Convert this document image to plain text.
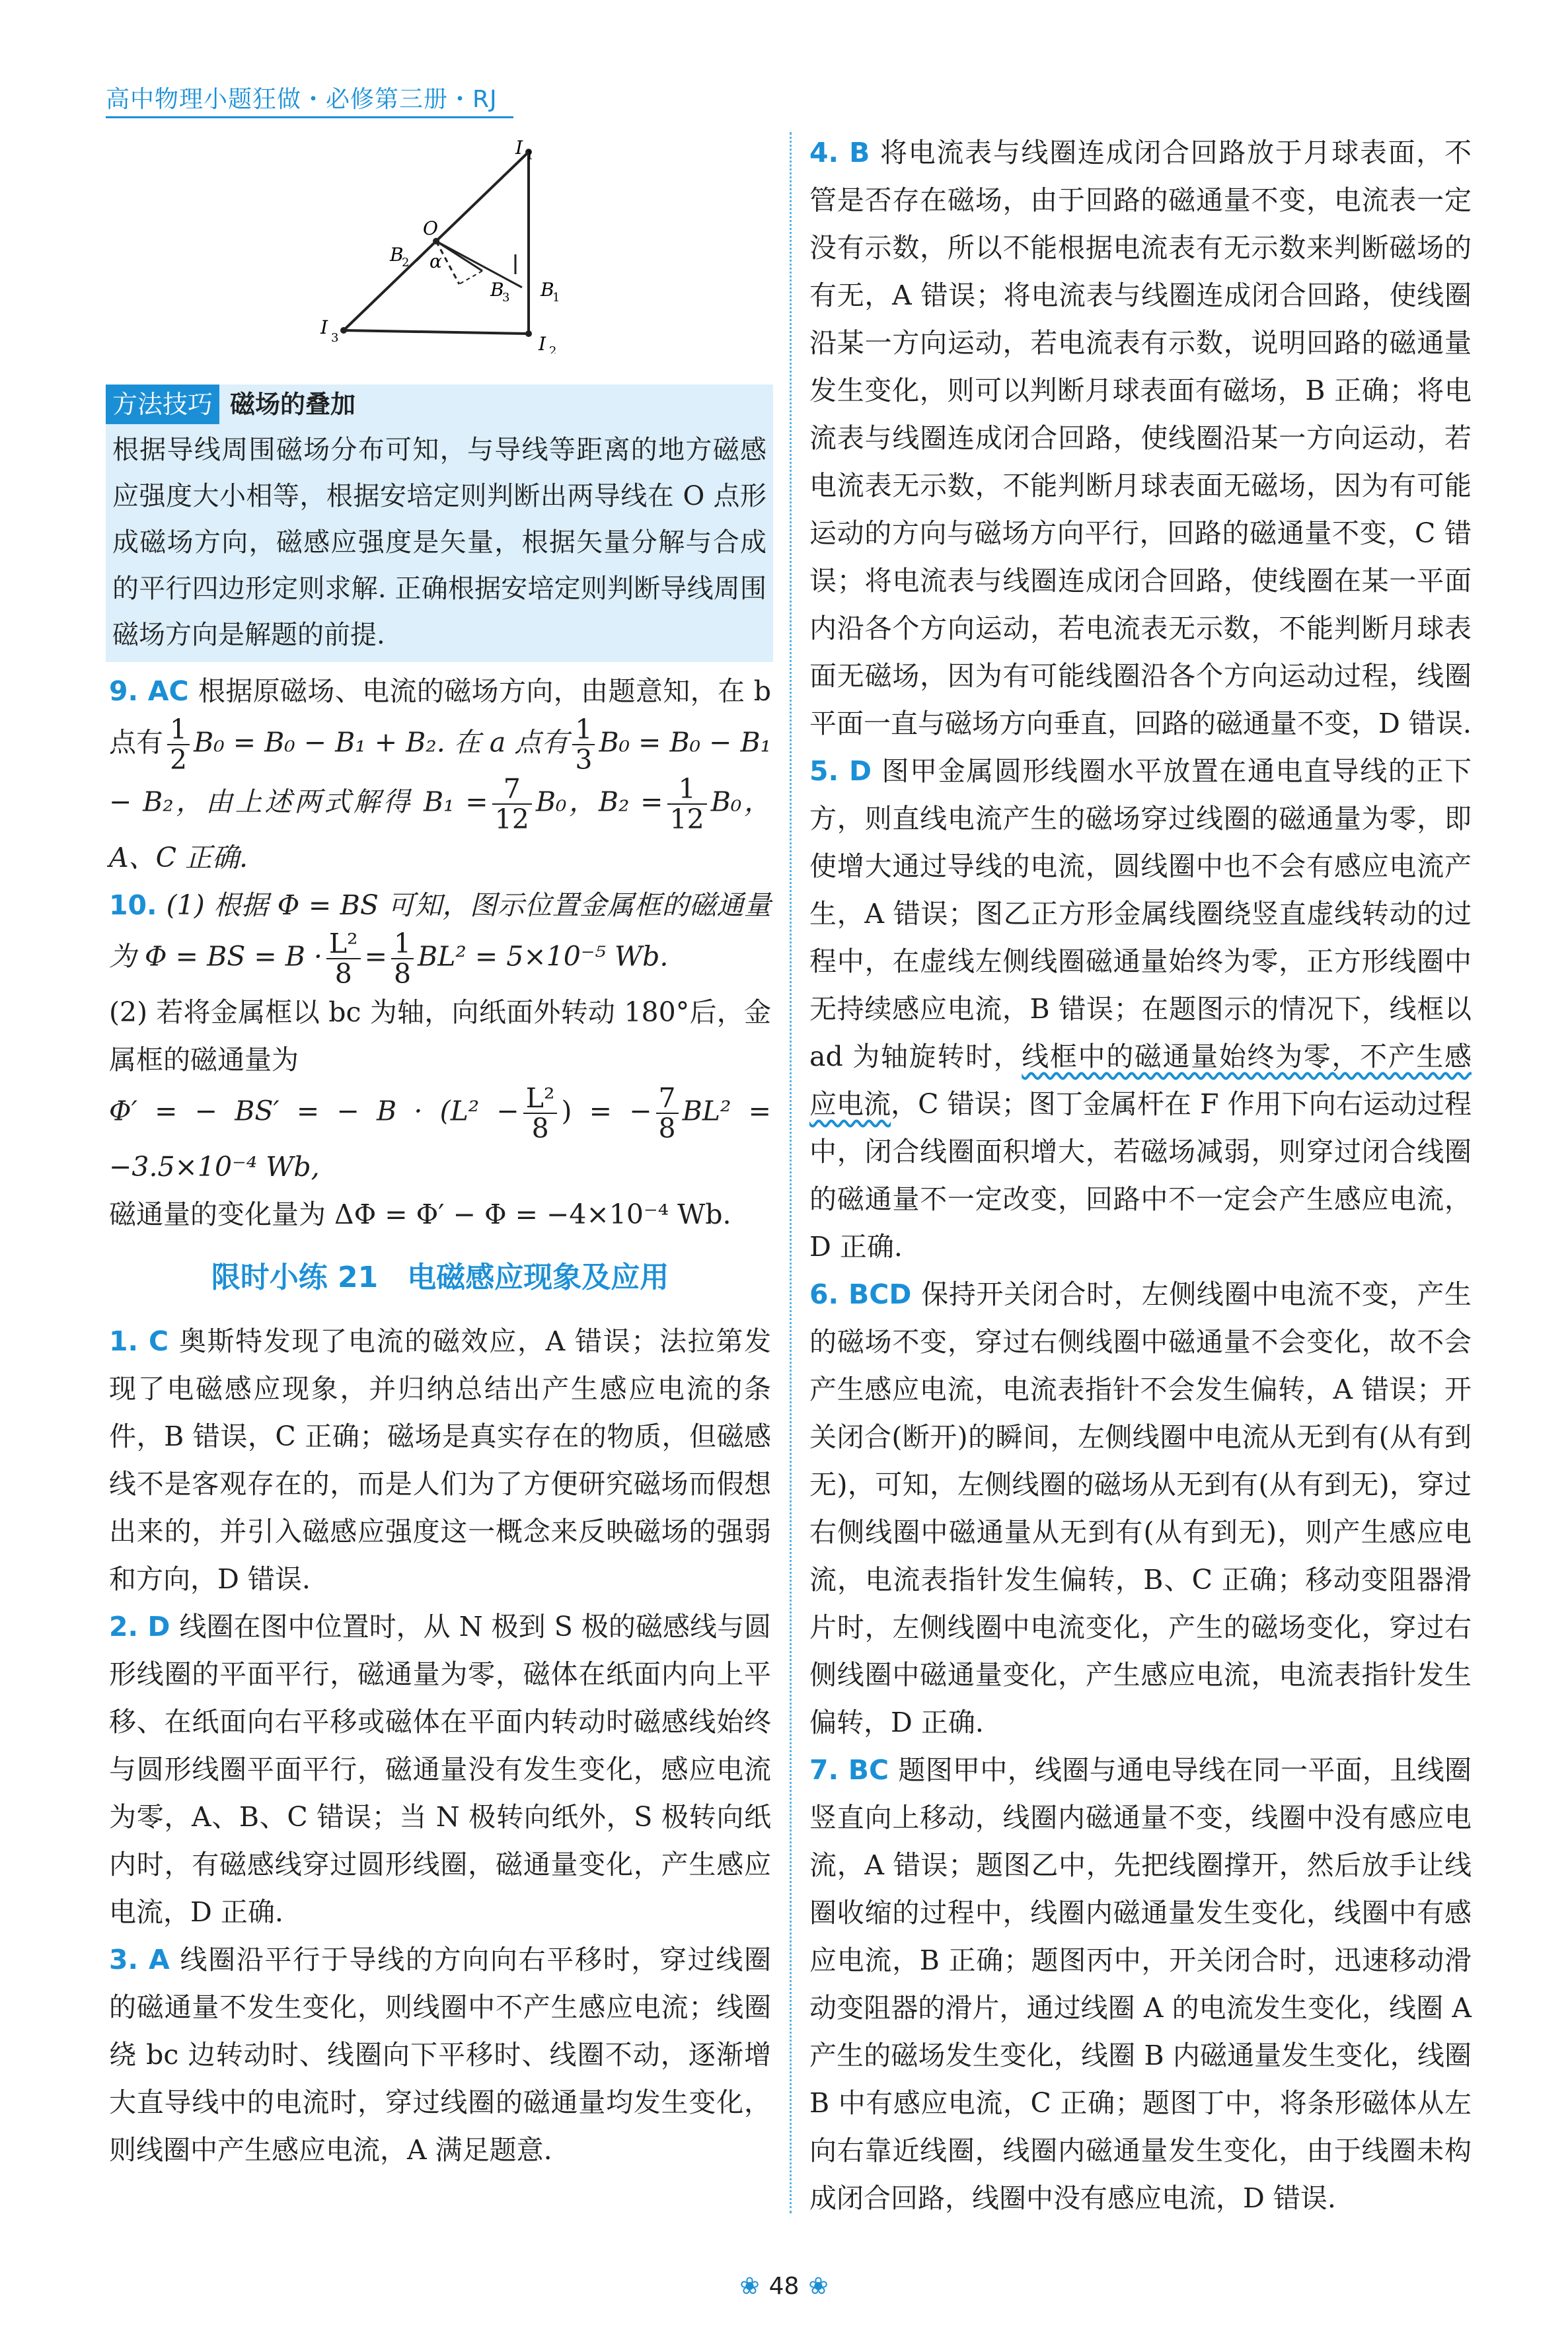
高中物理小题狂做・必修第三册・RJ
I 1
I 2
I 3
O
α
B
1
B
2
B
3
方法技巧 磁场的叠加
根据导线周围磁场分布可知，与导线等距离的地方磁感应强度大小相等，根据安培定则判断出两导线在 O 点形成磁场方向，磁感应强度是矢量，根据矢量分解与合成的平行四边形定则求解. 正确根据安培定则判断导线周围磁场方向是解题的前提.

9. AC 根据原磁场、电流的磁场方向，由题意知，在 b 点有 $\frac{1}{2} B_0 = B_0 - B_1 + B_2$. 在 a 点有 $\frac{1}{3} B_0 = B_0 - B_1 - B_2$，由上述两式解得 $B_1 = \frac{7}{12} B_0$，$B_2 = \frac{1}{12} B_0$，A、C 正确.

10. (1) 根据 Φ = BS 可知，图示位置金属框的磁通量为 Φ = BS = $B \cdot \frac{\text{L²}}{8} = \frac{1}{8} BL^2 = 5\times 10^{-5}$ Wb.

(2) 若将金属框以 bc 为轴，向纸面外转动 180°后，金属框的磁通量为

Φ′ = − BS′ = − $B \cdot (L^2 - \frac{\text{L²}}{8}$ ) = − $\frac{7}{8} BL^2 = -3.5\times 10^{-4}$ Wb,

磁通量的变化量为 ΔΦ = Φ′ − Φ = −4×10⁻⁴ Wb.

限时小练 21　电磁感应现象及应用

1. C 奥斯特发现了电流的磁效应，A 错误；法拉第发现了电磁感应现象，并归纳总结出产生感应电流的条件，B 错误，C 正确；磁场是真实存在的物质，但磁感线不是客观存在的，而是人们为了方便研究磁场而假想出来的，并引入磁感应强度这一概念来反映磁场的强弱和方向，D 错误.

2. D 线圈在图中位置时，从 N 极到 S 极的磁感线与圆形线圈的平面平行，磁通量为零，磁体在纸面内向上平移、在纸面向右平移或磁体在平面内转动时磁感线始终与圆形线圈平面平行，磁通量没有发生变化，感应电流为零，A、B、C 错误；当 N 极转向纸外，S 极转向纸内时，有磁感线穿过圆形线圈，磁通量变化，产生感应电流，D 正确.

3. A 线圈沿平行于导线的方向向右平移时，穿过线圈的磁通量不发生变化，则线圈中不产生感应电流；线圈绕 bc 边转动时、线圈向下平移时、线圈不动，逐渐增大直导线中的电流时，穿过线圈的磁通量均发生变化，则线圈中产生感应电流，A 满足题意.

4. B 将电流表与线圈连成闭合回路放于月球表面，不管是否存在磁场，由于回路的磁通量不变，电流表一定没有示数，所以不能根据电流表有无示数来判断磁场的有无，A 错误；将电流表与线圈连成闭合回路，使线圈沿某一方向运动，若电流表有示数，说明回路的磁通量发生变化，则可以判断月球表面有磁场，B 正确；将电流表与线圈连成闭合回路，使线圈沿某一方向运动，若电流表无示数，不能判断月球表面无磁场，因为有可能运动的方向与磁场方向平行，回路的磁通量不变，C 错误；将电流表与线圈连成闭合回路，使线圈在某一平面内沿各个方向运动，若电流表无示数，不能判断月球表面无磁场，因为有可能线圈沿各个方向运动过程，线圈平面一直与磁场方向垂直，回路的磁通量不变，D 错误.

5. D 图甲金属圆形线圈水平放置在通电直导线的正下方，则直线电流产生的磁场穿过线圈的磁通量为零，即使增大通过导线的电流，圆线圈中也不会有感应电流产生，A 错误；图乙正方形金属线圈绕竖直虚线转动的过程中，在虚线左侧线圈磁通量始终为零，正方形线圈中无持续感应电流，B 错误；在题图示的情况下，线框以 ad 为轴旋转时，线框中的磁通量始终为零，不产生感应电流，C 错误；图丁金属杆在 F 作用下向右运动过程中，闭合线圈面积增大，若磁场减弱，则穿过闭合线圈的磁通量不一定改变，回路中不一定会产生感应电流，D 正确.

6. BCD 保持开关闭合时，左侧线圈中电流不变，产生的磁场不变，穿过右侧线圈中磁通量不会变化，故不会产生感应电流，电流表指针不会发生偏转，A 错误；开关闭合(断开)的瞬间，左侧线圈中电流从无到有(从有到无)，可知，左侧线圈的磁场从无到有(从有到无)，穿过右侧线圈中磁通量从无到有(从有到无)，则产生感应电流，电流表指针发生偏转，B、C 正确；移动变阻器滑片时，左侧线圈中电流变化，产生的磁场变化，穿过右侧线圈中磁通量变化，产生感应电流，电流表指针发生偏转，D 正确.

7. BC 题图甲中，线圈与通电导线在同一平面，且线圈竖直向上移动，线圈内磁通量不变，线圈中没有感应电流，A 错误；题图乙中，先把线圈撑开，然后放手让线圈收缩的过程中，线圈内磁通量发生变化，线圈中有感应电流，B 正确；题图丙中，开关闭合时，迅速移动滑动变阻器的滑片，通过线圈 A 的电流发生变化，线圈 A 产生的磁场发生变化，线圈 B 内磁通量发生变化，线圈 B 中有感应电流，C 正确；题图丁中，将条形磁体从左向右靠近线圈，线圈内磁通量发生变化，由于线圈未构成闭合回路，线圈中没有感应电流，D 错误.

❀ 48 ❀
